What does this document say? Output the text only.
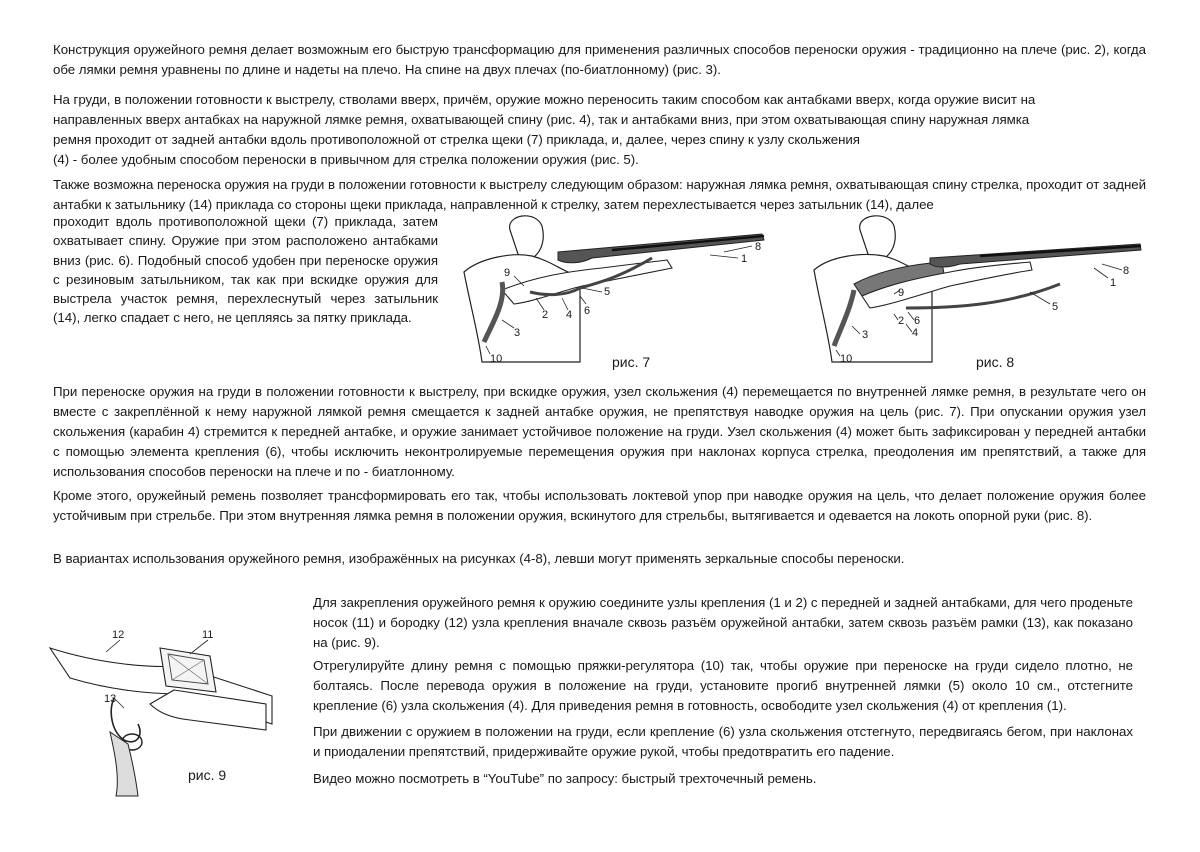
Конструкция оружейного ремня делает возможным его быструю трансформацию для применения различных способов переноски оружия - традиционно на плече (рис. 2), когда обе лямки ремня уравнены по длине и надеты на плечо. На спине на двух плечах (по-биатлонному) (рис. 3).

На груди, в положении готовности к выстрелу, стволами вверх, причём, оружие можно переносить таким способом как антабками вверх, когда оружие висит на
направленных вверх антабках на наружной лямке ремня, охватывающей спину (рис. 4), так и антабками вниз, при этом охватывающая спину наружная лямка
ремня проходит от задней антабки вдоль противоположной от стрелка щеки (7) приклада, и, далее, через спину к узлу скольжения
(4) - более удобным способом переноски в привычном для стрелка положении оружия (рис. 5).

Также возможна переноска оружия на груди в положении готовности к выстрелу следующим образом: наружная лямка ремня, охватывающая спину стрелка, проходит от задней антабки к затыльнику (14) приклада со стороны щеки приклада, направленной к стрелку, затем перехлестывается через затыльник (14), далее

проходит вдоль противоположной щеки (7) приклада, затем охватывает спину. Оружие при этом расположено антабками вниз (рис. 6). Подобный способ удобен при переноске оружия с резиновым затыльником, так как при вскидке оружия для выстрела участок ремня, перехлеснутый через затыльник (14), легко спадает с него, не цепляясь за пятку приклада.

При переноске оружия на груди в положении готовности к выстрелу, при вскидке оружия, узел скольжения (4) перемещается по внутренней лямке ремня, в результате чего он вместе с закреплённой к нему наружной лямкой ремня смещается к задней антабке оружия, не препятствуя наводке оружия на цель (рис. 7). При опускании оружия узел скольжения (карабин 4) стремится к передней антабке, и оружие занимает устойчивое положение на груди. Узел скольжения (4) может быть зафиксирован у передней антабки с помощью элемента крепления (6), чтобы исключить неконтролируемые перемещения оружия при наклонах корпуса стрелка, преодоления им препятствий, а также для использования способов переноски на плече и по - биатлонному.

Кроме этого, оружейный ремень позволяет трансформировать его так, чтобы использовать локтевой упор при наводке оружия на цель, что делает положение оружия более устойчивым при стрельбе. При этом внутренняя лямка ремня в положении оружия, вскинутого для стрельбы, вытягивается и одевается на локоть опорной руки (рис. 8).

В вариантах использования оружейного ремня, изображённых на рисунках (4-8), левши могут применять зеркальные способы переноски.

Для закрепления оружейного ремня к оружию соедините узлы крепления (1 и 2) с передней и задней антабками, для чего проденьте носок (11) и бородку (12) узла крепления вначале сквозь разъём оружейной антабки, затем сквозь разъём рамки (13), как показано на (рис. 9).

Отрегулируйте длину ремня с помощью пряжки-регулятора (10) так, чтобы оружие при переноске на груди сидело плотно, не болтаясь. После перевода оружия в положение на груди, установите прогиб внутренней лямки (5) около 10 см., отстегните крепление (6) узла скольжения (4). Для приведения ремня в готовность, освободите узел скольжения (4) от крепления (1).

При движении с оружием в положении на груди, если крепление (6) узла скольжения отстегнуто, передвигаясь бегом, при наклонах и приодалении препятствий, придерживайте оружие рукой, чтобы предотвратить его падение.

Видео можно посмотреть в “YouTube” по запросу: быстрый трехточечный ремень.

8
1
9
5
6
2 4
3
10	рис. 7
8
1
9
5
2 6
4
3
10	рис. 8
12	11
13
рис. 9
